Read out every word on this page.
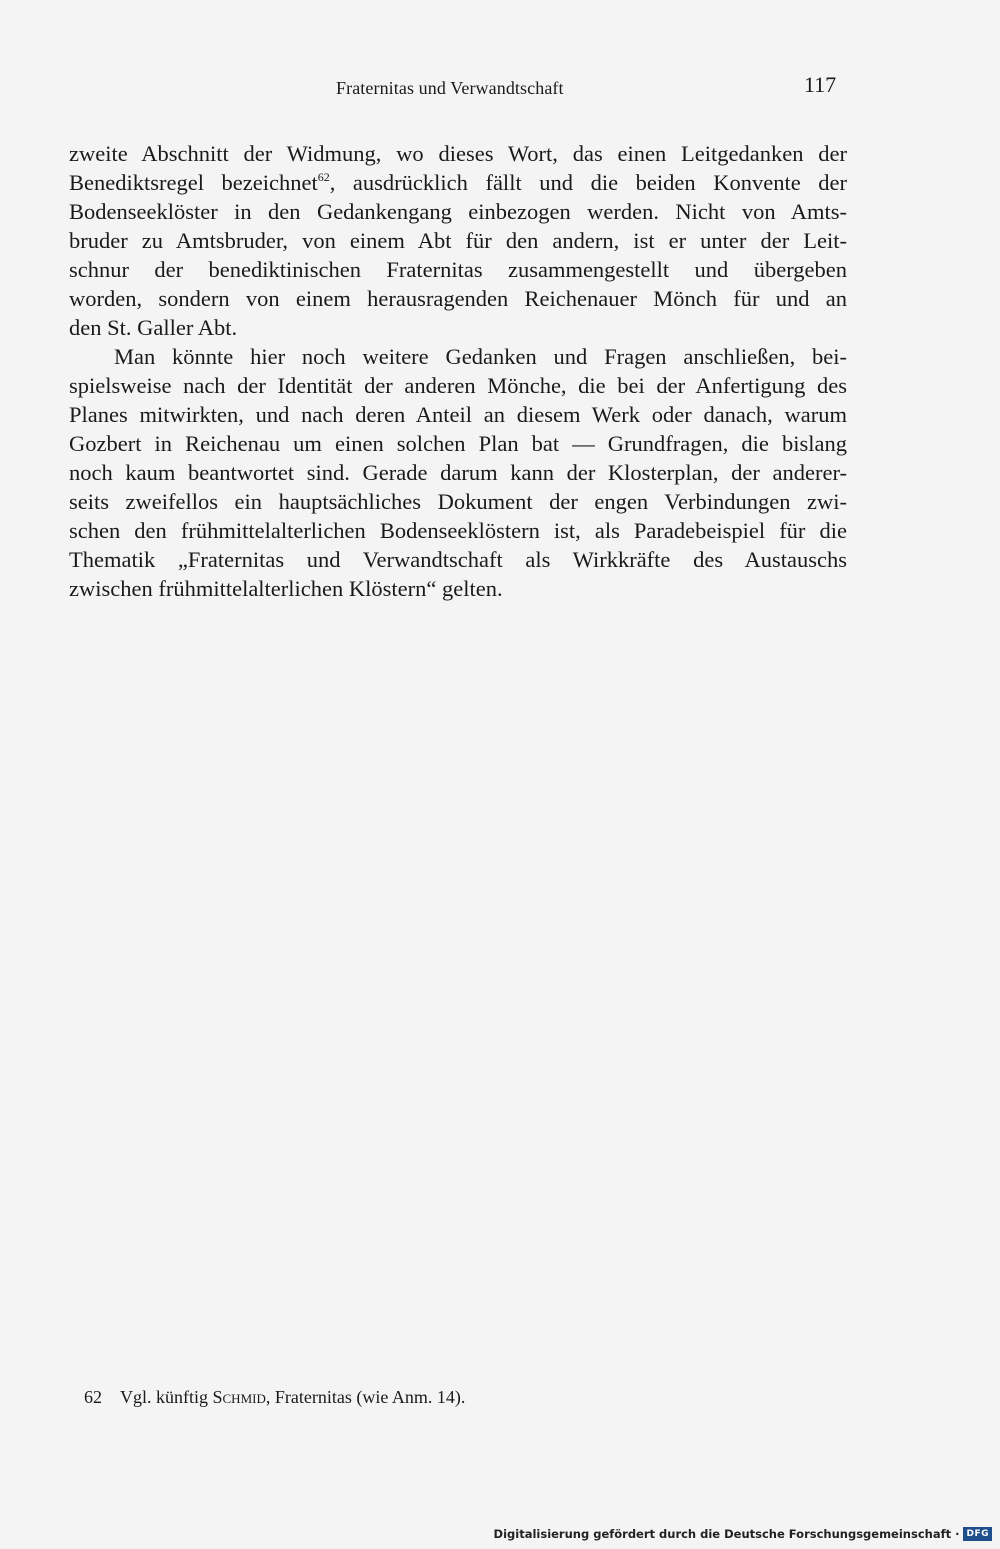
Fraternitas und Verwandtschaft	117
zweite Abschnitt der Widmung, wo dieses Wort, das einen Leitgedanken der
Benediktsregel bezeichnet$^{62}$, ausdrücklich fällt und die beiden Konvente der
Bodenseeklöster in den Gedankengang einbezogen werden. Nicht von Amts-
bruder zu Amtsbruder, von einem Abt für den andern, ist er unter der Leit-
schnur der benediktinischen Fraternitas zusammengestellt und übergeben
worden, sondern von einem herausragenden Reichenauer Mönch für und an
den St. Galler Abt.
Man könnte hier noch weitere Gedanken und Fragen anschließen, bei-
spielsweise nach der Identität der anderen Mönche, die bei der Anfertigung des
Planes mitwirkten, und nach deren Anteil an diesem Werk oder danach, warum
Gozbert in Reichenau um einen solchen Plan bat — Grundfragen, die bislang
noch kaum beantwortet sind. Gerade darum kann der Klosterplan, der anderer-
seits zweifellos ein hauptsächliches Dokument der engen Verbindungen zwi-
schen den frühmittelalterlichen Bodenseeklöstern ist, als Paradebeispiel für die
Thematik „Fraternitas und Verwandtschaft als Wirkkräfte des Austauschs
zwischen frühmittelalterlichen Klöstern“ gelten.
62 Vgl. künftig Schmid, Fraternitas (wie Anm. 14).
Digitalisierung gefördert durch die Deutsche Forschungsgemeinschaft · DFG
